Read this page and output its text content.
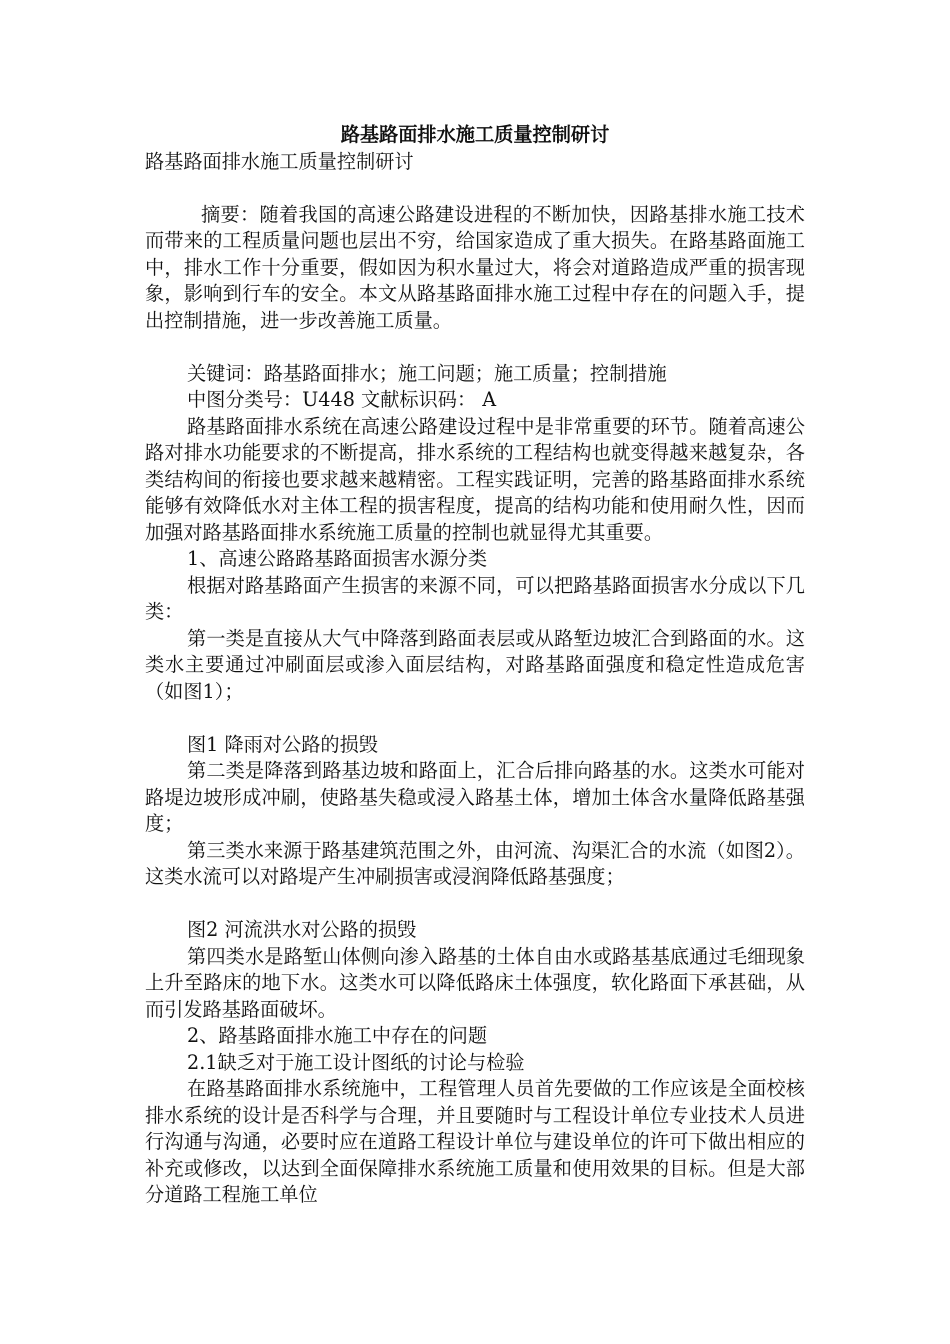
路基路面排水施工质量控制研讨

路基路面排水施工质量控制研讨

摘要：随着我国的高速公路建设进程的不断加快，因路基排水施工技术而带来的工程质量问题也层出不穷，给国家造成了重大损失。在路基路面施工中，排水工作十分重要，假如因为积水量过大，将会对道路造成严重的损害现象，影响到行车的安全。本文从路基路面排水施工过程中存在的问题入手，提出控制措施，进一步改善施工质量。

关键词：路基路面排水；施工问题；施工质量；控制措施

中图分类号：U448 文献标识码： A

路基路面排水系统在高速公路建设过程中是非常重要的环节。随着高速公路对排水功能要求的不断提高，排水系统的工程结构也就变得越来越复杂，各类结构间的衔接也要求越来越精密。工程实践证明，完善的路基路面排水系统能够有效降低水对主体工程的损害程度，提高的结构功能和使用耐久性，因而加强对路基路面排水系统施工质量的控制也就显得尤其重要。

1、高速公路路基路面损害水源分类

根据对路基路面产生损害的来源不同，可以把路基路面损害水分成以下几类：

第一类是直接从大气中降落到路面表层或从路堑边坡汇合到路面的水。这类水主要通过冲刷面层或渗入面层结构，对路基路面强度和稳定性造成危害（如图1）；

图1 降雨对公路的损毁

第二类是降落到路基边坡和路面上，汇合后排向路基的水。这类水可能对路堤边坡形成冲刷，使路基失稳或浸入路基土体，增加土体含水量降低路基强度；

第三类水来源于路基建筑范围之外，由河流、沟渠汇合的水流（如图2）。这类水流可以对路堤产生冲刷损害或浸润降低路基强度；

图2 河流洪水对公路的损毁

第四类水是路堑山体侧向渗入路基的土体自由水或路基基底通过毛细现象上升至路床的地下水。这类水可以降低路床土体强度，软化路面下承甚础，从而引发路基路面破坏。

2、路基路面排水施工中存在的问题

2.1缺乏对于施工设计图纸的讨论与检验

在路基路面排水系统施中，工程管理人员首先要做的工作应该是全面校核排水系统的设计是否科学与合理，并且要随时与工程设计单位专业技术人员进行沟通与沟通，必要时应在道路工程设计单位与建设单位的许可下做出相应的补充或修改，以达到全面保障排水系统施工质量和使用效果的目标。但是大部分道路工程施工单位
